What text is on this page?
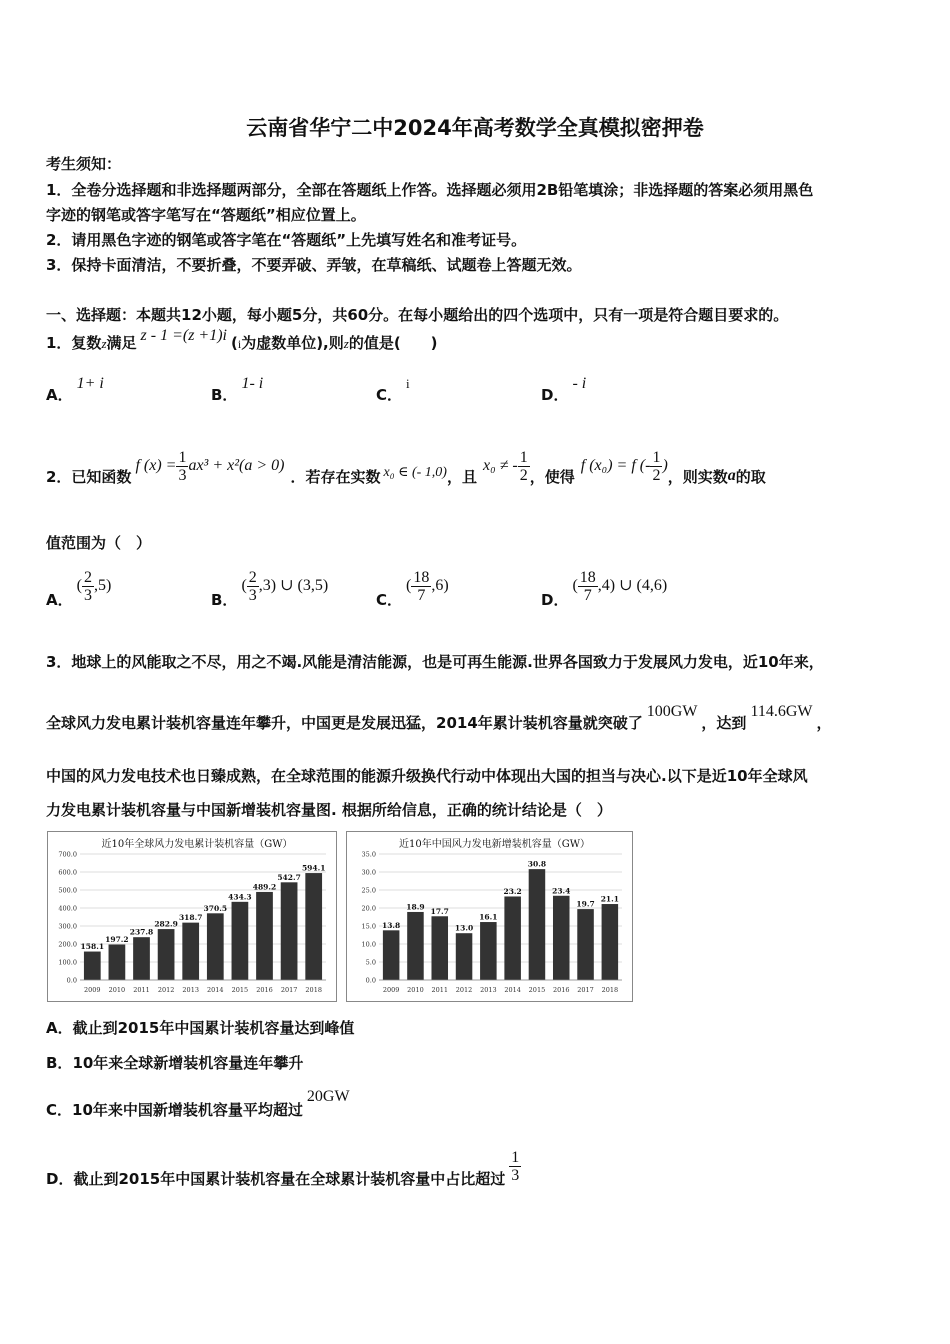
云南省华宁二中2024年高考数学全真模拟密押卷
考生须知：
1．全卷分选择题和非选择题两部分，全部在答题纸上作答。选择题必须用2B铅笔填涂；非选择题的答案必须用黑色
字迹的钢笔或答字笔写在“答题纸”相应位置上。
2．请用黑色字迹的钢笔或答字笔在“答题纸”上先填写姓名和准考证号。
3．保持卡面清洁，不要折叠，不要弄破、弄皱，在草稿纸、试题卷上答题无效。
一、选择题：本题共12小题，每小题5分，共60分。在每小题给出的四个选项中，只有一项是符合题目要求的。
1．复数z满足 z - 1 =(z +1)i (i为虚数单位),则z的值是(　　)
A．1+ i
B．1- i
C．$^i$
D．- i
2．已知函数
f $(x) = \frac{1}{3} ax^3 + x^2(a > 0)$
．若存在实数 x₀ ∈ (- 1,0) ，且
x₀ ≠ - $\frac{1}{2}$ ，使得
f (x₀) = f (- $\frac{1}{2}$ )
，则实数 a 的取
值范围为（　）
A．
( $\frac{2}{3} ,5$)
B．
( $\frac{2}{3} ,3$) ∪ (3,5)
C．
( $\frac{18}{7} ,6$)
D．
( $\frac{18}{7} ,4$) ∪ (4,6)
3．地球上的风能取之不尽，用之不竭.风能是清洁能源，也是可再生能源.世界各国致力于发展风力发电，近10年来，
全球风力发电累计装机容量连年攀升，中国更是发展迅猛，2014年累计装机容量就突破了100GW，达到114.6GW，
中国的风力发电技术也日臻成熟，在全球范围的能源升级换代行动中体现出大国的担当与决心.以下是近10年全球风
力发电累计装机容量与中国新增装机容量图. 根据所给信息，正确的统计结论是（　）
近10年全球风力发电累计装机容量（GW）
0.0
100.0
200.0
300.0
400.0
500.0
600.0
700.0
158.1
2009
197.2
2010
237.8
2011
282.9
2012
318.7
2013
370.5
2014
434.3
2015
489.2
2016
542.7
2017
594.1
2018
近10年中国风力发电新增装机容量（GW）
0.0
5.0
10.0
15.0
20.0
25.0
30.0
35.0
13.8
2009
18.9
2010
17.7
2011
13.0
2012
16.1
2013
23.2
2014
30.8
2015
23.4
2016
19.7
2017
21.1
2018
A．截止到2015年中国累计装机容量达到峰值
B．10年来全球新增装机容量连年攀升
C．10年来中国新增装机容量平均超过20GW
D． 截止到2015年中国累计装机容量在全球累计装机容量中占比超过 $\frac{1}{3}$
